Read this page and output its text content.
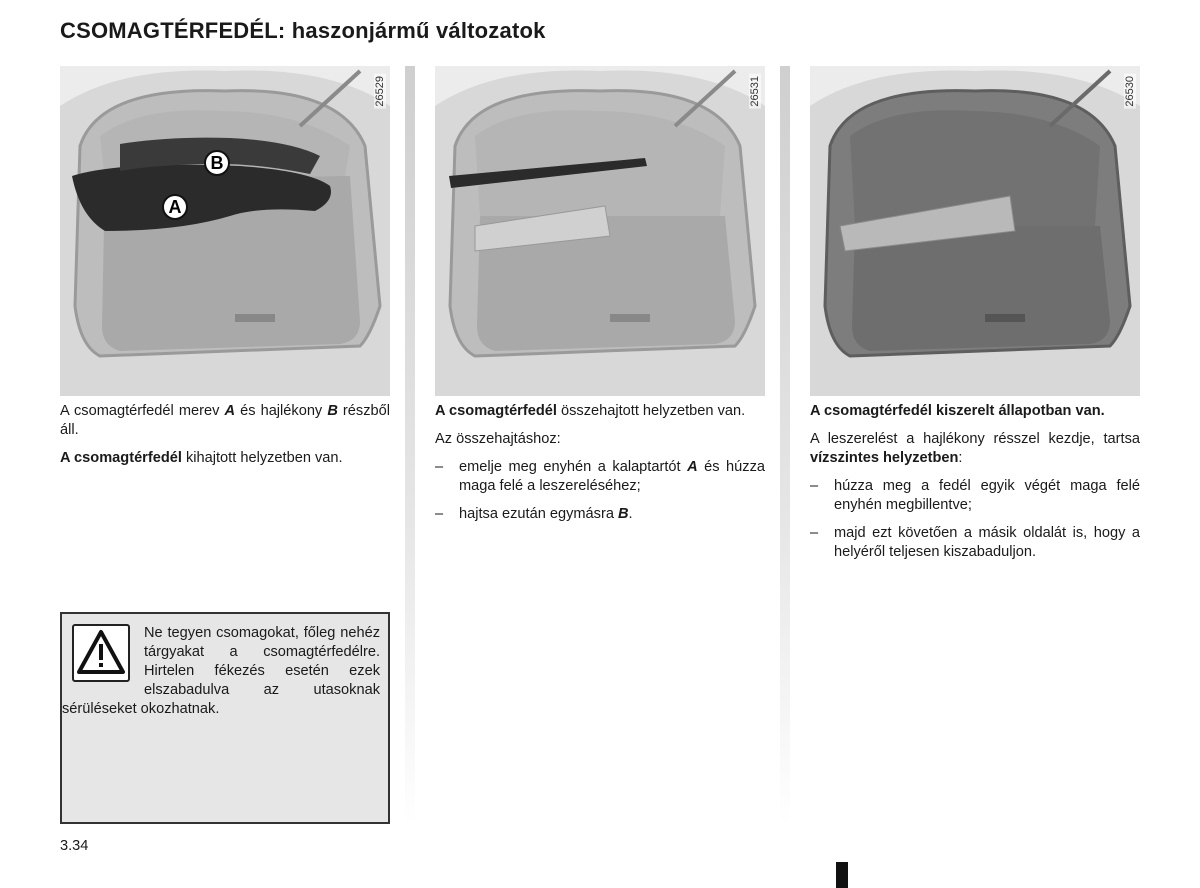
CSOMAGTÉRFEDÉL: haszonjármű változatok
B
A
26529	26531	26530

A csomagtérfedél merev A és hajlékony B részből áll.

A csomagtérfedél kihajtott helyzetben van.

A csomagtérfedél összehajtott helyzetben van.

Az összehajtáshoz:

– emelje meg enyhén a kalaptartót A és húzza maga felé a leszereléséhez;
– hajtsa ezután egymásra B.

A csomagtérfedél kiszerelt állapotban van.

A leszerelést a hajlékony résszel kezdje, tartsa vízszintes helyzetben:

– húzza meg a fedél egyik végét maga felé enyhén megbillentve;
– majd ezt követően a másik oldalát is, hogy a helyéről teljesen kiszabaduljon.
Ne tegyen csomagokat, főleg nehéz tárgyakat a csomagtérfedélre. Hirtelen fékezés esetén ezek elszabadulva az utasoknak sérüléseket okozhatnak.
3.34
